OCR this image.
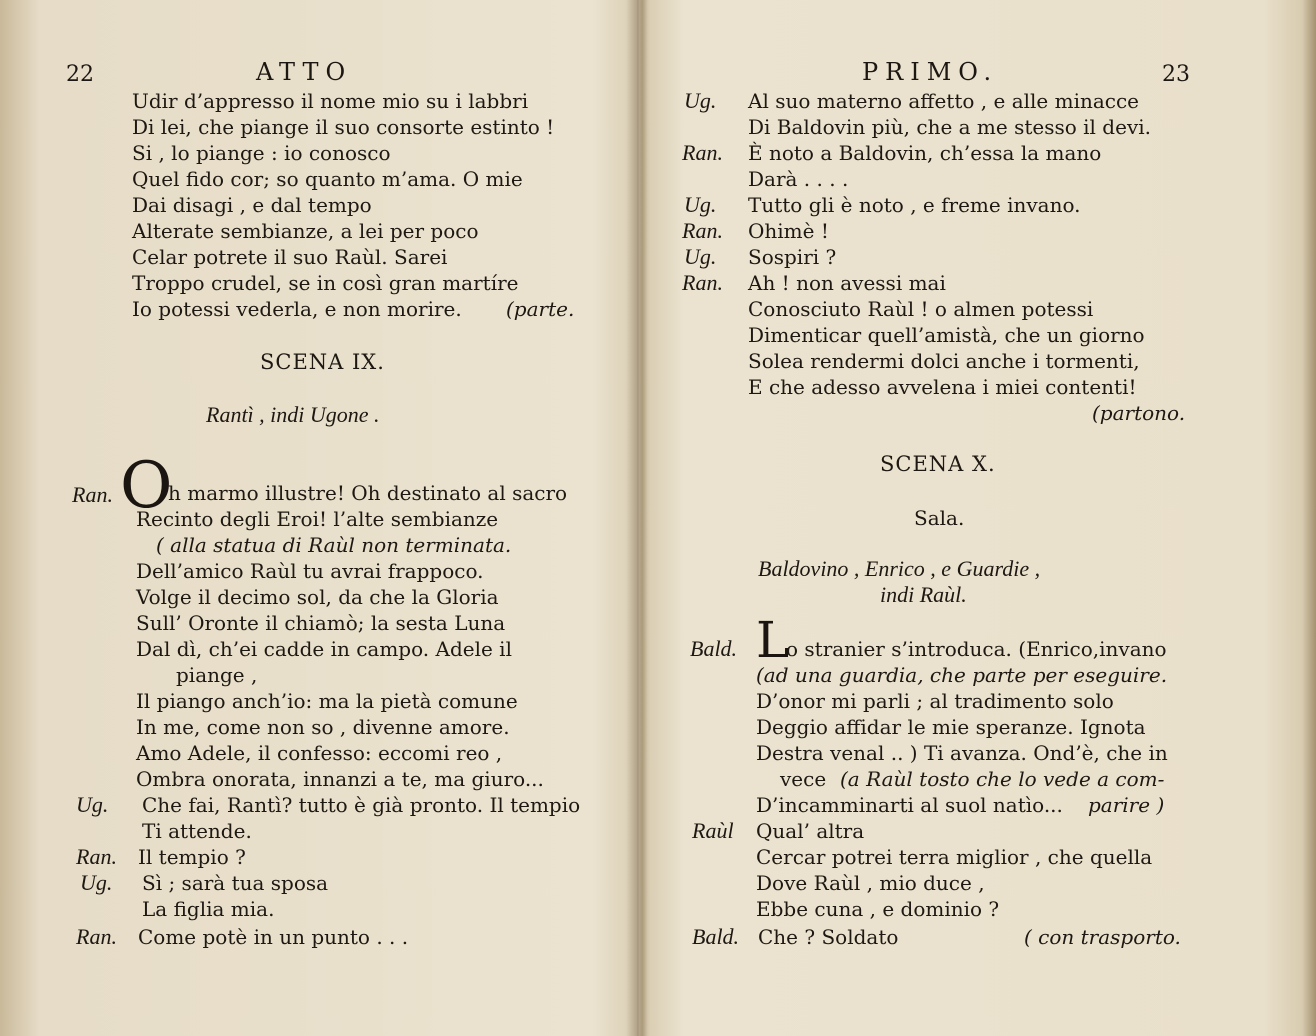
22	ATTO
Udir d’appresso il nome mio su i labbri
Di lei, che piange il suo consorte estinto !
Si , lo piange : io conosco
Quel fido cor; so quanto m’ama. O mie
Dai disagi , e dal tempo
Alterate sembianze, a lei per poco
Celar potrete il suo Raùl. Sarei
Troppo crudel, se in così gran martíre
Io potessi vederla, e non morire. (parte.
SCENA IX.
Rantì , indi Ugone .
Ran. O
h marmo illustre! Oh destinato al sacro
Recinto degli Eroi! l’alte sembianze
( alla statua di Raùl non terminata.
Dell’amico Raùl tu avrai frappoco.
Volge il decimo sol, da che la Gloria
Sull’ Oronte il chiamò; la sesta Luna
Dal dì, ch’ei cadde in campo. Adele il
piange ,
Il piango anch’io: ma la pietà comune
In me, come non so , divenne amore.
Amo Adele, il confesso: eccomi reo ,
Ombra onorata, innanzi a te, ma giuro...
Ug. Che fai, Rantì? tutto è già pronto. Il tempio
Ti attende.
Ran. Il tempio ?
Ug. Sì ; sarà tua sposa
La figlia mia.
Ran. Come potè in un punto . . .
PRIMO.	23
Ug. Al suo materno affetto , e alle minacce
Di Baldovin più, che a me stesso il devi.
Ran. È noto a Baldovin, ch’essa la mano
Darà . . . .
Ug. Tutto gli è noto , e freme invano.
Ran. Ohimè !
Ug. Sospiri ?
Ran. Ah ! non avessi mai
Conosciuto Raùl ! o almen potessi
Dimenticar quell’amistà, che un giorno
Solea rendermi dolci anche i tormenti,
E che adesso avvelena i miei contenti!
(partono.
SCENA X.
Sala.
Baldovino , Enrico , e Guardie ,
indi Raùl.
Bald. L
o stranier s’introduca. (Enrico,invano
(ad una guardia, che parte per eseguire.
D’onor mi parli ; al tradimento solo
Deggio affidar le mie speranze. Ignota
Destra venal .. ) Ti avanza. Ond’è, che in
vece (a Raùl tosto che lo vede a com-
D’incamminarti al suol natìo... parire )
Raùl Qual’ altra
Cercar potrei terra miglior , che quella
Dove Raùl , mio duce ,
Ebbe cuna , e dominio ?
Bald. Che ? Soldato	( con trasporto.
